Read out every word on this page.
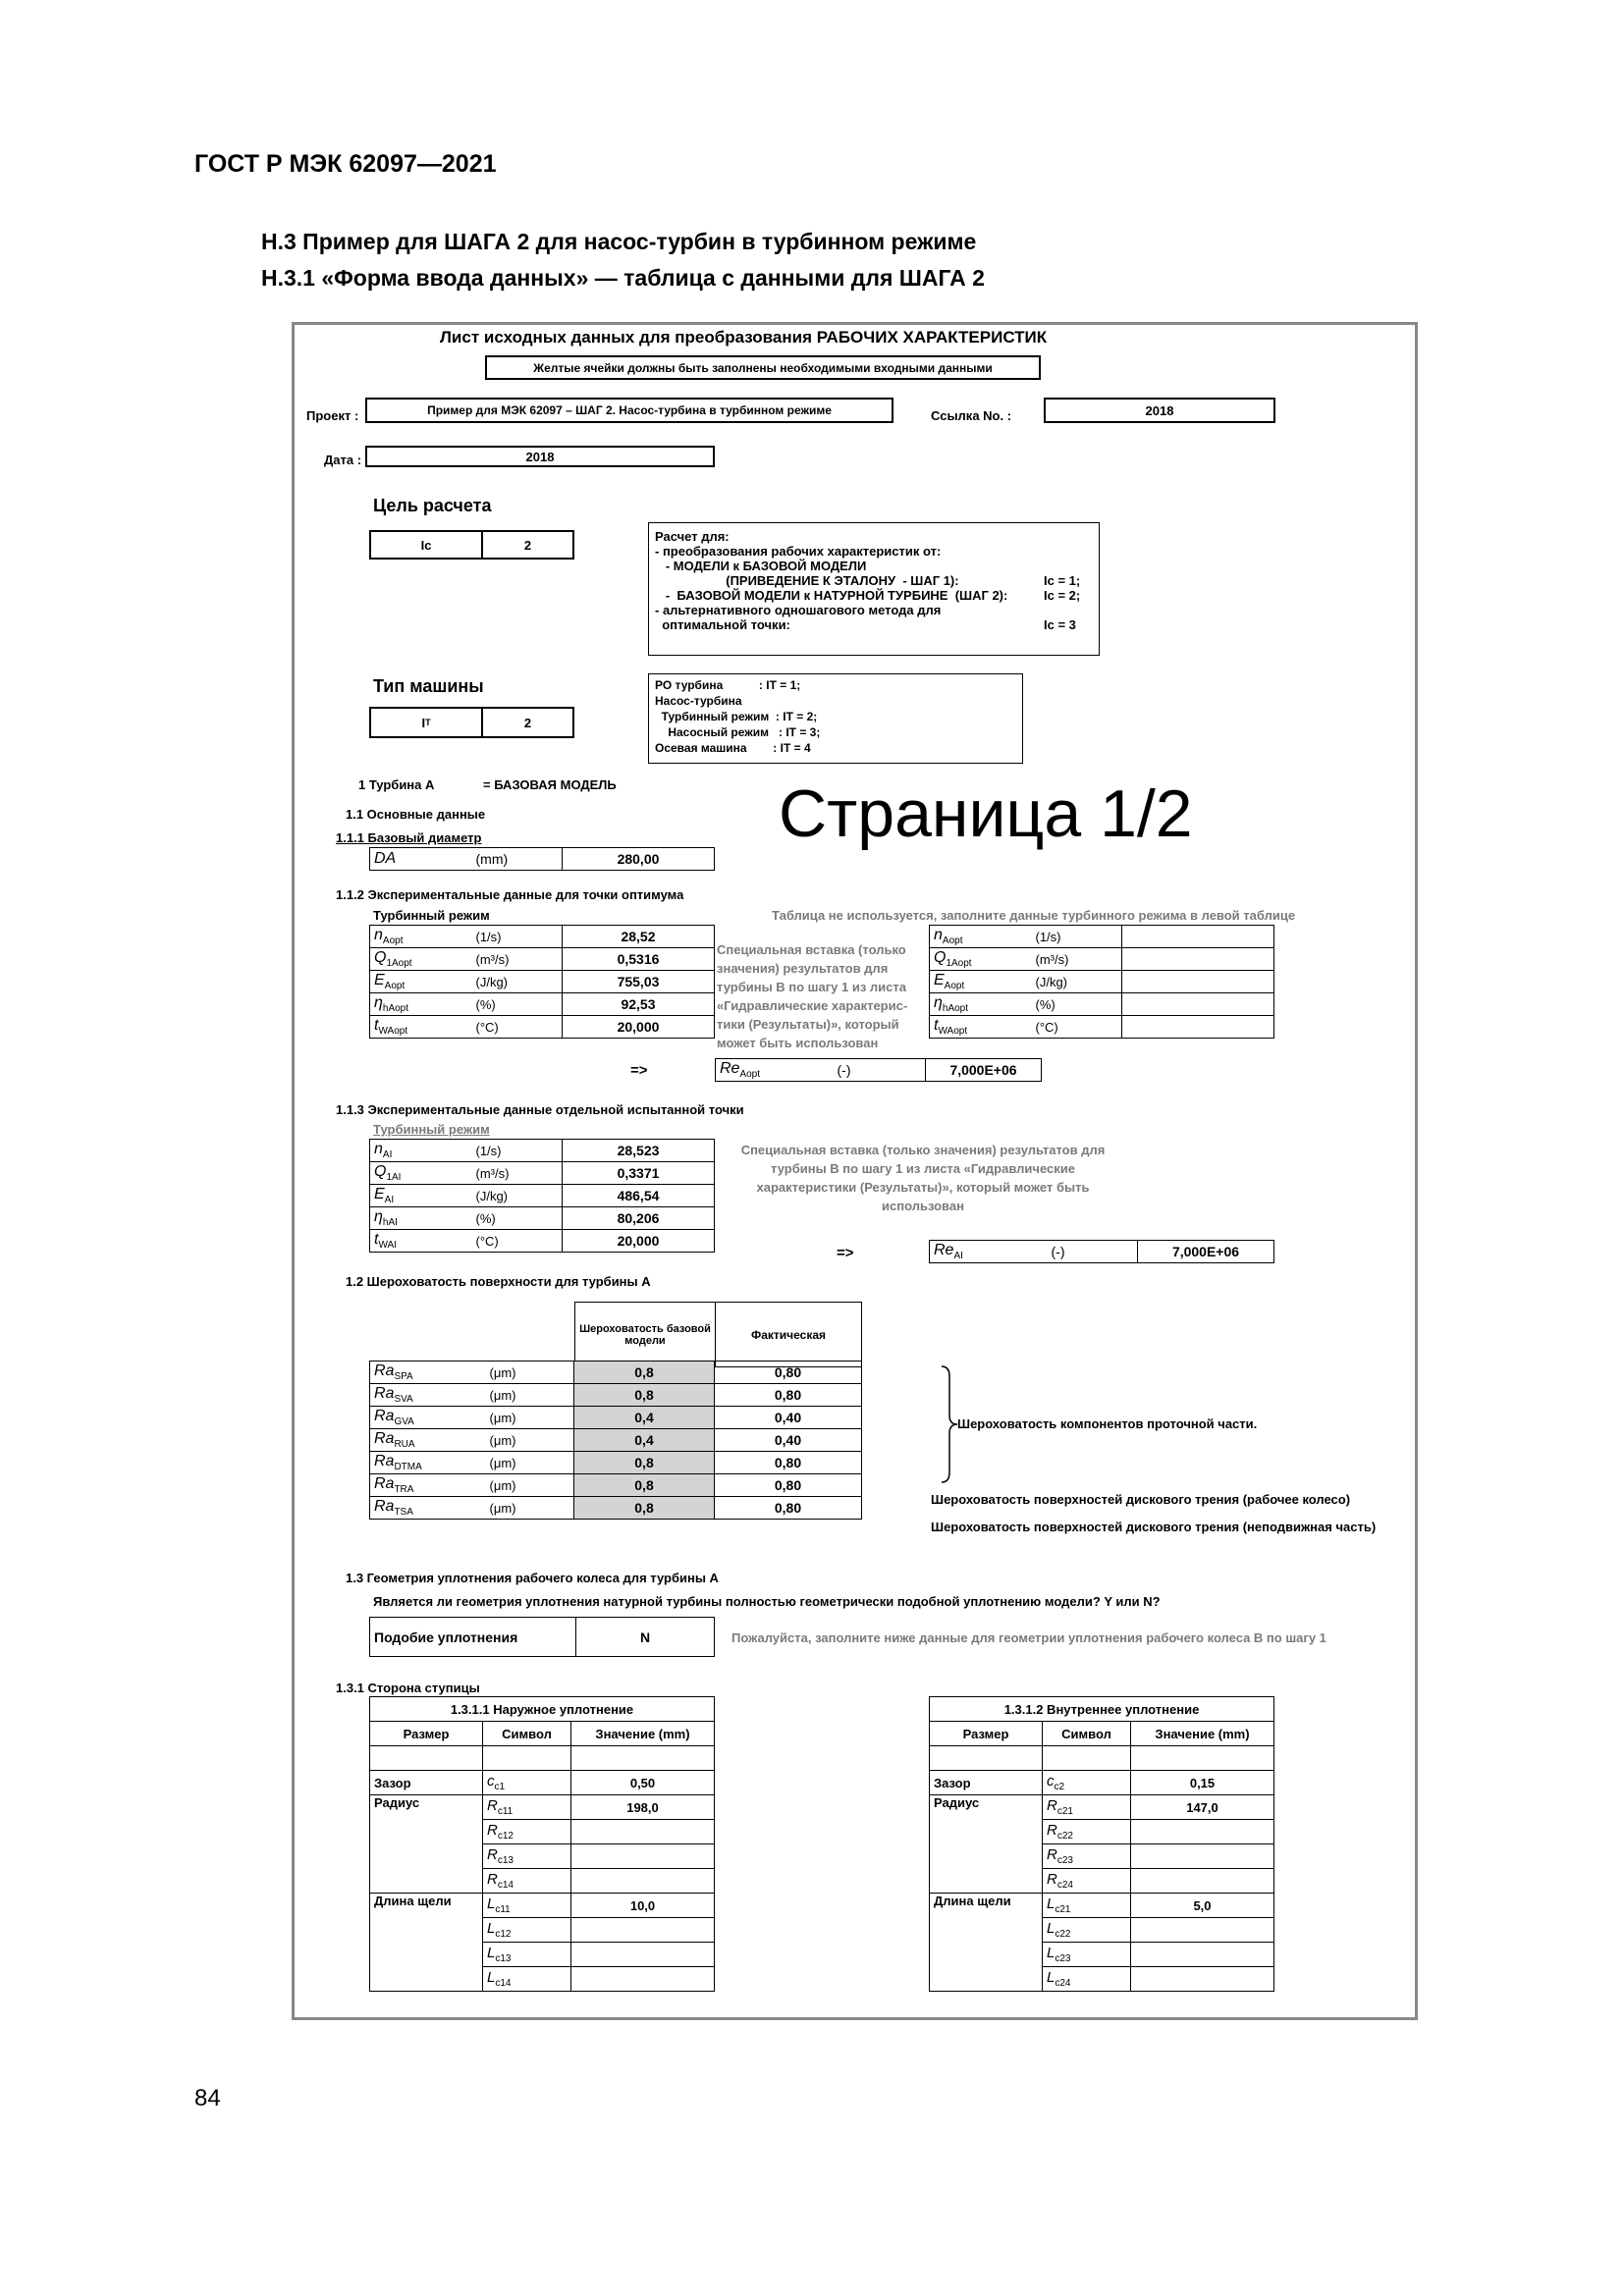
ГОСТ Р МЭК 62097—2021
Н.3 Пример для ШАГА 2 для насос-турбин в турбинном режиме
Н.3.1 «Форма ввода данных» — таблица с данными для ШАГА 2
Лист исходных данных для преобразования РАБОЧИХ ХАРАКТЕРИСТИК
Желтые ячейки должны быть заполнены необходимыми входными данными
Проект :	Пример для МЭК 62097 – ШАГ 2. Насос-турбина в турбинном режиме	Ссылка No. :	2018
Дата :	2018
Цель расчета
Ic	2
Расчет для:
- преобразования рабочих характеристик от:
- МОДЕЛИ к БАЗОВОЙ МОДЕЛИ
(ПРИВЕДЕНИЕ К ЭТАЛОНУ  - ШАГ 1):	Ic = 1;
-  БАЗОВОЙ МОДЕЛИ к НАТУРНОЙ ТУРБИНЕ  (ШАГ 2):	Ic = 2;
- альтернативного одношагового метода для
оптимальной точки:	Ic = 3
Тип машины
I T	2
РО турбина           : IT = 1;
Насос-турбина
Турбинный режим  : IT = 2;
Насосный режим   : IT = 3;
Осевая машина        : IT = 4
1 Турбина А	= БАЗОВАЯ МОДЕЛЬ Страница 1/2
1.1 Основные данные
1.1.1 Базовый диаметр
DA	(mm)	280,00
1.1.2 Экспериментальные данные для точки оптимума
Турбинный режим
$n_{Aopt}$	(1/s)	28,52
$Q_{1Aopt}$	(m³/s)	0,5316
$E_{Aopt}$	(J/kg)	755,03
$\eta_{hAopt}$	(%)	92,53
$t_{WAopt}$	(°C)	20,000
Специальная вставка (только значения) результатов для турбины B по шагу 1 из листа «Гидравлические характерис-тики (Результаты)», который может быть использован
Таблица не используется, заполните данные турбинного режима в левой таблице
$n_{Aopt}$	(1/s)	
$Q_{1Aopt}$	(m³/s)	
$E_{Aopt}$	(J/kg)	
$\eta_{hAopt}$	(%)	
$t_{WAopt}$	(°C)	
=>	$Re_{Aopt}$	(-)	7,000E+06
1.1.3 Экспериментальные данные отдельной испытанной точки
Турбинный режим
$n_{AI}$	(1/s)	28,523
$Q_{1AI}$	(m³/s)	0,3371
$E_{AI}$	(J/kg)	486,54
$\eta_{hAI}$	(%)	80,206
$t_{WAI}$	(°C)	20,000
Специальная вставка (только значения) результатов для турбины B по шагу 1 из листа «Гидравлические характеристики (Результаты)», который может быть использован
=>	$Re_{AI}$	(-)	7,000E+06
1.2 Шероховатость поверхности для турбины A
Шероховатость базовой модели	Фактическая
$Ra_{SPA}$	(μm)	0,8	0,80
$Ra_{SVA}$	(μm)	0,8	0,80
$Ra_{GVA}$	(μm)	0,4	0,40
$Ra_{RUA}$	(μm)	0,4	0,40
$Ra_{DTMA}$	(μm)	0,8	0,80
$Ra_{TRA}$	(μm)	0,8	0,80
$Ra_{TSA}$	(μm)	0,8	0,80
Шероховатость компонентов проточной части.
Шероховатость поверхностей дискового трения (рабочее колесо)
Шероховатость поверхностей дискового трения (неподвижная часть)
1.3 Геометрия уплотнения рабочего колеса для турбины A
Является ли геометрия уплотнения натурной турбины полностью геометрически подобной уплотнению модели? Y или N?
Подобие уплотнения	N	Пожалуйста, заполните ниже данные для геометрии уплотнения рабочего колеса B по шагу 1
1.3.1 Сторона ступицы
1.3.1.1 Наружное уплотнение		
Размер	Символ	Значение (mm)

Зазор	$c_{c1}$	0,50
Радиус	$R_{c11}$	198,0
	$R_{c12}$	
	$R_{c13}$	
	$R_{c14}$	
Длина щели	$L_{c11}$	10,0
	$L_{c12}$	
	$L_{c13}$	
	$L_{c14}$	
1.3.1.2 Внутреннее уплотнение		
Размер	Символ	Значение (mm)

Зазор	$c_{c2}$	0,15
Радиус	$R_{c21}$	147,0
	$R_{c22}$	
	$R_{c23}$	
	$R_{c24}$	
Длина щели	$L_{c21}$	5,0
	$L_{c22}$	
	$L_{c23}$	
	$L_{c24}$	
84
